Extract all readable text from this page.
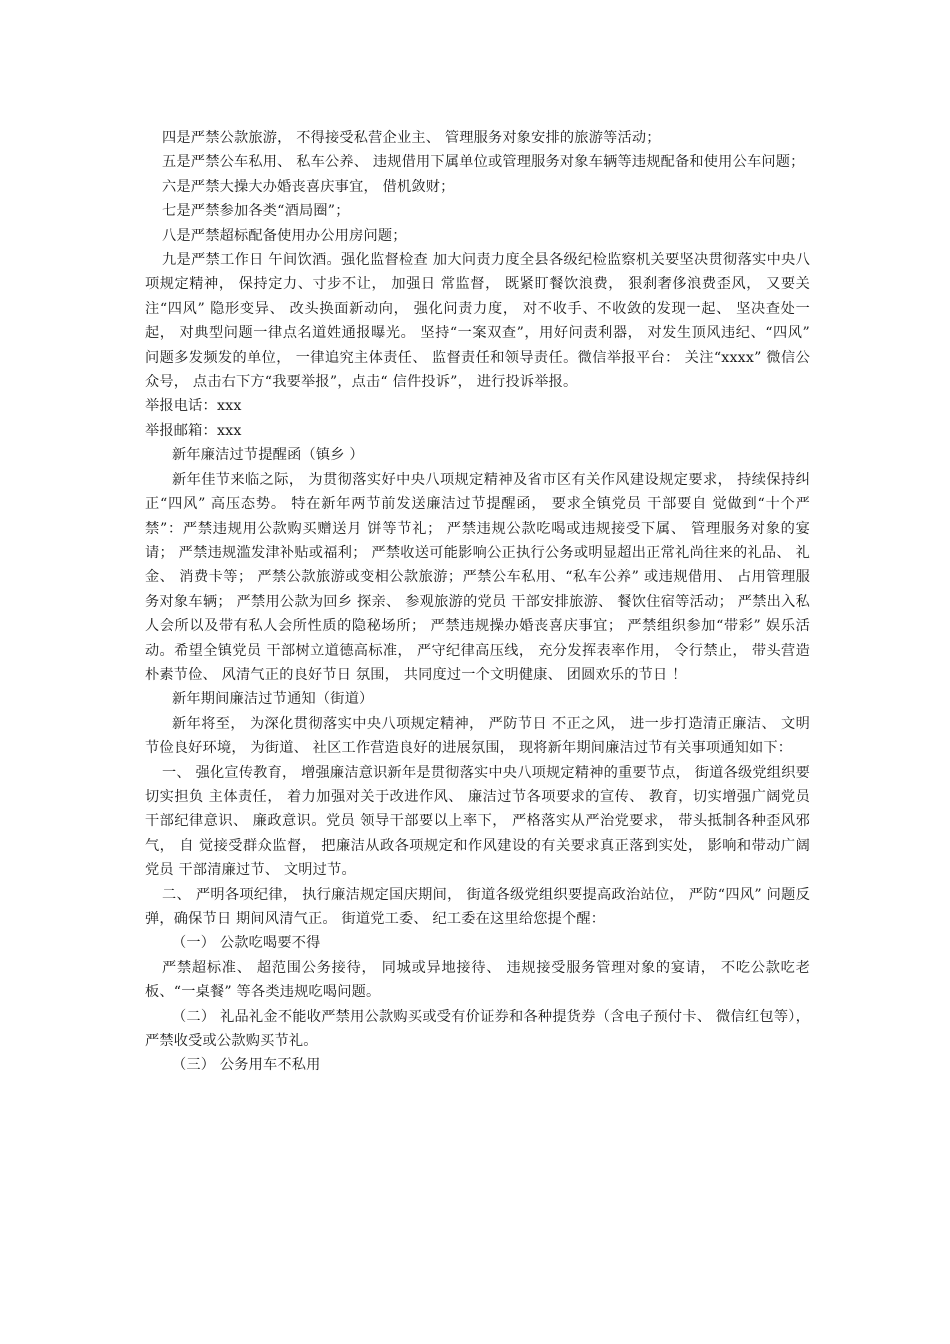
四是严禁公款旅游， 不得接受私营企业主、 管理服务对象安排的旅游等活动；

五是严禁公车私用、 私车公养、 违规借用下属单位或管理服务对象车辆等违规配备和使用公车问题；

六是严禁大操大办婚丧喜庆事宜， 借机敛财；

七是严禁参加各类“酒局圈”；

八是严禁超标配备使用办公用房问题；

九是严禁工作日 午间饮酒。强化监督检查 加大问责力度全县各级纪检监察机关要坚决贯彻落实中央八项规定精神， 保持定力、寸步不让， 加强日 常监督， 既紧盯餐饮浪费， 狠刹奢侈浪费歪风， 又要关注“四风” 隐形变异、 改头换面新动向， 强化问责力度， 对不收手、不收敛的发现一起、 坚决查处一起， 对典型问题一律点名道姓通报曝光。 坚持“一案双查”，用好问责利器， 对发生顶风违纪、“四风” 问题多发频发的单位， 一律追究主体责任、 监督责任和领导责任。微信举报平台： 关注“xxxx” 微信公众号， 点击右下方“我要举报”，点击“ 信件投诉”， 进行投诉举报。

举报电话：xxx

举报邮箱：xxx

新年廉洁过节提醒函（镇乡 ）

新年佳节来临之际， 为贯彻落实好中央八项规定精神及省市区有关作风建设规定要求， 持续保持纠正“四风” 高压态势。 特在新年两节前发送廉洁过节提醒函， 要求全镇党员 干部要自 觉做到“十个严禁”：严禁违规用公款购买赠送月 饼等节礼； 严禁违规公款吃喝或违规接受下属、 管理服务对象的宴请； 严禁违规滥发津补贴或福利； 严禁收送可能影响公正执行公务或明显超出正常礼尚往来的礼品、 礼金、 消费卡等； 严禁公款旅游或变相公款旅游；严禁公车私用、“私车公养” 或违规借用、 占用管理服务对象车辆； 严禁用公款为回乡 探亲、 参观旅游的党员 干部安排旅游、 餐饮住宿等活动； 严禁出入私人会所以及带有私人会所性质的隐秘场所； 严禁违规操办婚丧喜庆事宜； 严禁组织参加“带彩” 娱乐活动。希望全镇党员 干部树立道德高标准， 严守纪律高压线， 充分发挥表率作用， 令行禁止， 带头营造朴素节俭、 风清气正的良好节日 氛围， 共同度过一个文明健康、 团圆欢乐的节日 ！

新年期间廉洁过节通知（街道）

新年将至， 为深化贯彻落实中央八项规定精神， 严防节日 不正之风， 进一步打造清正廉洁、 文明节俭良好环境， 为街道、 社区工作营造良好的进展氛围， 现将新年期间廉洁过节有关事项通知如下：

一、 强化宣传教育， 增强廉洁意识新年是贯彻落实中央八项规定精神的重要节点， 街道各级党组织要切实担负 主体责任， 着力加强对关于改进作风、 廉洁过节各项要求的宣传、 教育，切实增强广阔党员 干部纪律意识、 廉政意识。党员 领导干部要以上率下， 严格落实从严治党要求， 带头抵制各种歪风邪气， 自 觉接受群众监督， 把廉洁从政各项规定和作风建设的有关要求真正落到实处， 影响和带动广阔党员 干部清廉过节、 文明过节。

二、 严明各项纪律， 执行廉洁规定国庆期间， 街道各级党组织要提高政治站位， 严防“四风” 问题反弹，确保节日 期间风清气正。 街道党工委、 纪工委在这里给您提个醒：

（一） 公款吃喝要不得

严禁超标准、 超范围公务接待， 同城或异地接待、 违规接受服务管理对象的宴请， 不吃公款吃老板、“一桌餐” 等各类违规吃喝问题。

（二） 礼品礼金不能收严禁用公款购买或受有价证券和各种提货券（含电子预付卡、 微信红包等）， 严禁收受或公款购买节礼。

（三） 公务用车不私用
